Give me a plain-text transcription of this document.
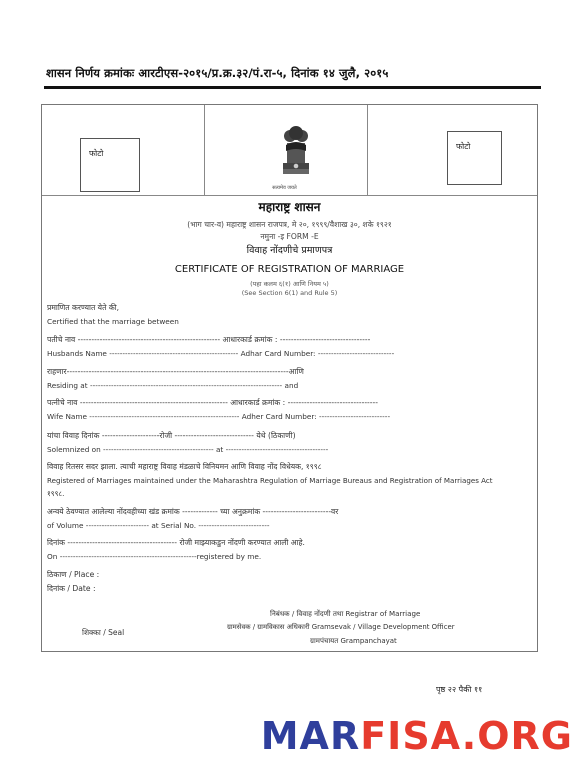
शासन निर्णय क्रमांकः आरटीएस-२०१५/प्र.क्र.३२/पं.रा-५, दिनांक १४ जुलै, २०१५
फोटो
फोटो
सत्यमेव जयते
महाराष्ट्र शासन
(भाग चार-व) महाराष्ट्र शासन राजपत्र, मे २०, १९९९/वैशाख ३०, शके १९२१
नमुना -इ FORM -E
विवाह नोंदणीचे प्रमाणपत्र
CERTIFICATE OF REGISTRATION OF MARRIAGE
(पहा कलम ६(१) आणि नियम ५)
(See Section 6(1) and Rule 5)
प्रमाणित करण्यात येते की,
Certified that the marriage between
पतीचे नाव ---------------------------------------------------- आधारकार्ड क्रमांक : ---------------------------------
Husbands Name ------------------------------------------------- Adhar Card Number: -----------------------------
राहणार---------------------------------------------------------------------------------आणि
Residing at ------------------------------------------------------------------------- and
पत्नीचे नाव ------------------------------------------------------ आधारकार्ड क्रमांक : ---------------------------------
Wife Name --------------------------------------------------------- Adher Card Number: ---------------------------
यांचा विवाह दिनांक ---------------------रोजी ----------------------------- येथे (ठिकाणी)
Solemnized on ------------------------------------------ at ---------------------------------------
विवाह रितसर सदर झाला. त्याची महाराष्ट्र विवाह मंडळाचे विनियमन आणि विवाह नोंद विधेयक, १९९८
Registered of Marriages maintained under the Maharashtra Regulation of Marriage Bureaus and Registration of Marriages Act
१९९८.
अन्वये ठेवण्यात आलेल्या नोंदवहीच्या खंड क्रमांक ------------- च्या अनुक्रमांक -------------------------वर
of Volume ------------------------ at Serial No. ---------------------------
दिनांक ---------------------------------------- रोजी माझ्याकडुन नोंदणी करण्यात आली आहे.
On ----------------------------------------------------registered by me.
ठिकाण / Place :
दिनांक / Date :
निबंधक / विवाह नोंदणी तथा Registrar of Marriage
शिक्का / Seal
ग्रामसेवक / ग्रामविकास अधिकारी Gramsevak / Village Development Officer
ग्रामपंचायत Grampanchayat
पृष्ठ २२ पैकी ११
MARFISA.ORG
